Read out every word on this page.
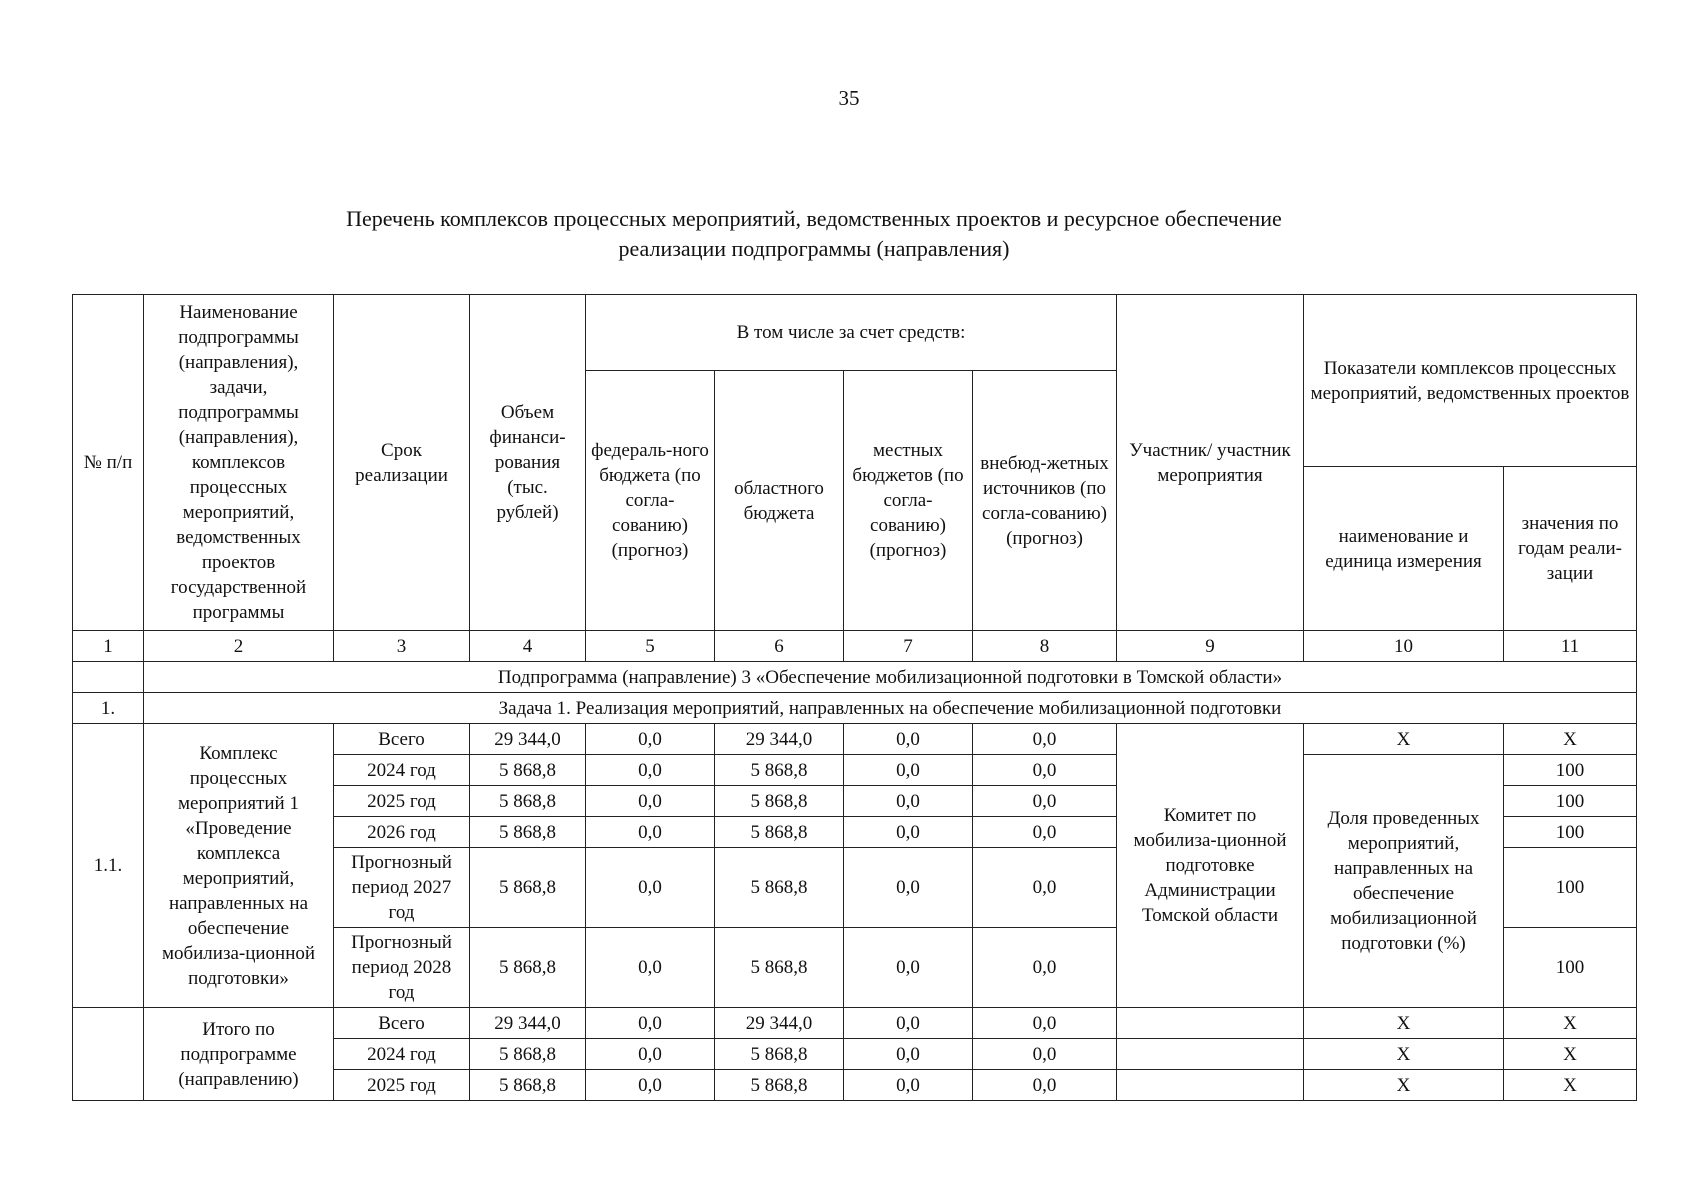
35
Перечень комплексов процессных мероприятий, ведомственных проектов и ресурсное обеспечение
реализации подпрограммы (направления)
№ п/п	Наименование подпрограммы (направления), задачи, подпрограммы (направления), комплексов процессных мероприятий, ведомственных проектов государственной программы	Срок реализации	Объем финанси-рования (тыс. рублей)	В том числе за счет средств:				Участник/ участник мероприятия	Показатели комплексов процессных мероприятий, ведомственных проектов	
				федераль-ного бюджета (по согла-сованию) (прогноз)	областного бюджета	местных бюджетов (по согла-сованию) (прогноз)	внебюд-жетных источников (по согла-сованию) (прогноз)			
									наименование и единица измерения	значения по годам реали-зации
1	2	3	4	5	6	7	8	9	10	11
	Подпрограмма (направление) 3 «Обеспечение мобилизационной подготовки в Томской области»									
1.	Задача 1. Реализация мероприятий, направленных на обеспечение мобилизационной подготовки									
1.1.	Комплекс процессных мероприятий 1 «Проведение комплекса мероприятий, направленных на обеспечение мобилиза-ционной подготовки»	Всего	29 344,0	0,0	29 344,0	0,0	0,0	Комитет по мобилиза-ционной подготовке Администрации Томской области	Х	Х
		2024 год	5 868,8	0,0	5 868,8	0,0	0,0		Доля проведенных мероприятий, направленных на обеспечение мобилизационной подготовки (%)	100
		2025 год	5 868,8	0,0	5 868,8	0,0	0,0			100
		2026 год	5 868,8	0,0	5 868,8	0,0	0,0			100
		Прогнозный период 2027 год	5 868,8	0,0	5 868,8	0,0	0,0			100
		Прогнозный период 2028 год	5 868,8	0,0	5 868,8	0,0	0,0			100
	Итого по подпрограмме (направлению)	Всего	29 344,0	0,0	29 344,0	0,0	0,0		Х	Х
		2024 год	5 868,8	0,0	5 868,8	0,0	0,0		Х	Х
		2025 год	5 868,8	0,0	5 868,8	0,0	0,0		Х	Х
